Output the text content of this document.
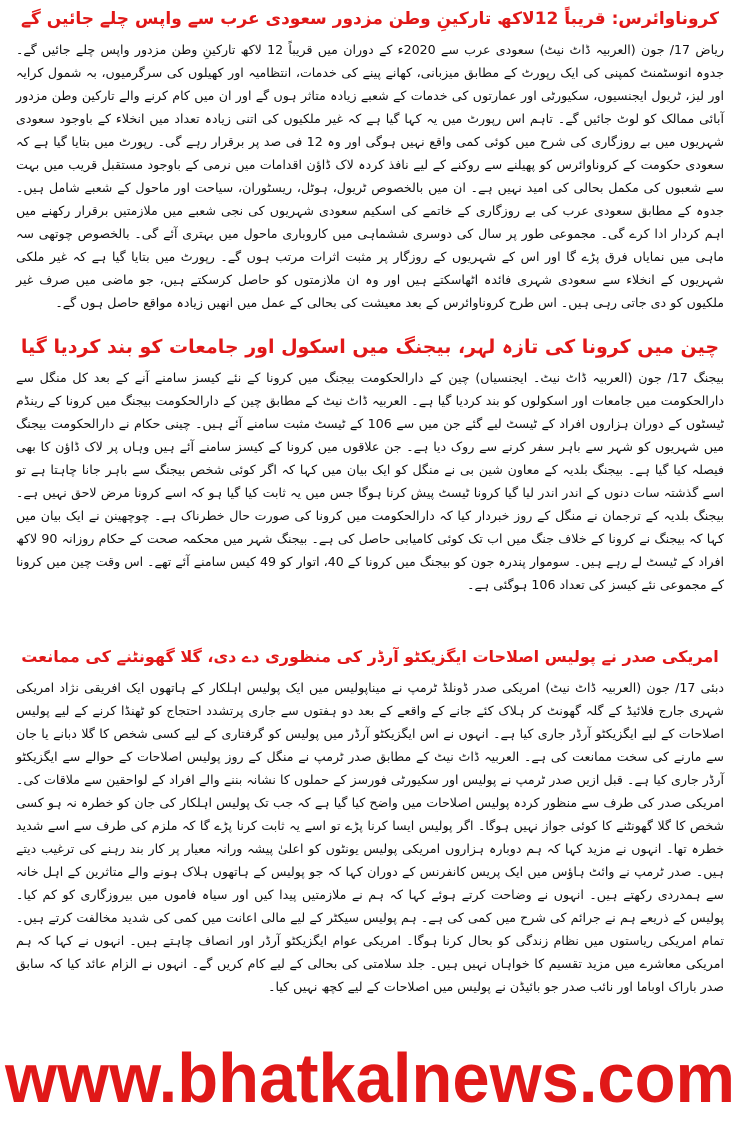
کروناوائرس: قریباً 12لاکھ تارکینِ وطن مزدور سعودی عرب سے واپس چلے جائیں گے

ریاض 17/ جون (العربیہ ڈاٹ نیٹ) سعودی عرب سے 2020ء کے دوران میں قریباً 12 لاکھ تارکینِ وطن مزدور واپس چلے جائیں گے۔ جدوہ انوسٹمنٹ کمپنی کی ایک رپورٹ کے مطابق میزبانی، کھانے پینے کی خدمات، انتظامیہ اور کھیلوں کی سرگرمیوں، بہ شمول کرایہ اور لیز، ٹریول ایجنسیوں، سکیورٹی اور عمارتوں کی خدمات کے شعبے زیادہ متاثر ہوں گے اور ان میں کام کرنے والے تارکین وطن مزدور آبائی ممالک کو لوٹ جائیں گے۔ تاہم اس رپورٹ میں یہ کہا گیا ہے کہ غیر ملکیوں کی اتنی زیادہ تعداد میں انخلاء کے باوجود سعودی شہریوں میں بے روزگاری کی شرح میں کوئی کمی واقع نہیں ہوگی اور وہ 12 فی صد پر برقرار رہے گی۔ رپورٹ میں بتایا گیا ہے کہ سعودی حکومت کے کروناوائرس کو پھیلنے سے روکنے کے لیے نافذ کردہ لاک ڈاؤن اقدامات میں نرمی کے باوجود مستقبل قریب میں بہت سے شعبوں کی مکمل بحالی کی امید نہیں ہے۔ ان میں بالخصوص ٹریول، ہوٹل، ریسٹوران، سیاحت اور ماحول کے شعبے شامل ہیں۔ جدوہ کے مطابق سعودی عرب کی بے روزگاری کے خاتمے کی اسکیم سعودی شہریوں کی نجی شعبے میں ملازمتیں برقرار رکھنے میں اہم کردار ادا کرے گی۔ مجموعی طور پر سال کی دوسری ششماہی میں کاروباری ماحول میں بہتری آئے گی۔ بالخصوص چوتھی سہ ماہی میں نمایاں فرق پڑے گا اور اس کے شہریوں کے روزگار پر مثبت اثرات مرتب ہوں گے۔ رپورٹ میں بتایا گیا ہے کہ غیر ملکی شہریوں کے انخلاء سے سعودی شہری فائدہ اٹھاسکتے ہیں اور وہ ان ملازمتوں کو حاصل کرسکتے ہیں، جو ماضی میں صرف غیر ملکیوں کو دی جاتی رہی ہیں۔ اس طرح کروناوائرس کے بعد معیشت کی بحالی کے عمل میں انھیں زیادہ مواقع حاصل ہوں گے۔

چین میں کرونا کی تازہ لہر، بیجنگ میں اسکول اور جامعات کو بند کردیا گیا

بیجنگ 17/ جون (العربیہ ڈاٹ نیٹ۔ ایجنسیاں) چین کے دارالحکومت بیجنگ میں کرونا کے نئے کیسز سامنے آنے کے بعد کل منگل سے دارالحکومت میں جامعات اور اسکولوں کو بند کردیا گیا ہے۔ العربیہ ڈاٹ نیٹ کے مطابق چین کے دارالحکومت بیجنگ میں کرونا کے رینڈم ٹیسٹوں کے دوران ہزاروں افراد کے ٹیسٹ لیے گئے جن میں سے 106 کے ٹیسٹ مثبت سامنے آئے ہیں۔ چینی حکام نے دارالحکومت بیجنگ میں شہریوں کو شہر سے باہر سفر کرنے سے روک دیا ہے۔ جن علاقوں میں کرونا کے کیسز سامنے آئے ہیں وہاں پر لاک ڈاؤن کا بھی فیصلہ کیا گیا ہے۔ بیجنگ بلدیہ کے معاون شین بی نے منگل کو ایک بیان میں کہا کہ اگر کوئی شخص بیجنگ سے باہر جانا چاہتا ہے تو اسے گذشتہ سات دنوں کے اندر اندر لیا گیا کرونا ٹیسٹ پیش کرنا ہوگا جس میں یہ ثابت کیا گیا ہو کہ اسے کرونا مرض لاحق نہیں ہے۔ بیجنگ بلدیہ کے ترجمان نے منگل کے روز خبردار کیا کہ دارالحکومت میں کرونا کی صورت حال خطرناک ہے۔ چوچھینن نے ایک بیان میں کہا کہ بیجنگ نے کرونا کے خلاف جنگ میں اب تک کوئی کامیابی حاصل کی ہے۔ بیجنگ شہر میں محکمہ صحت کے حکام روزانہ 90 لاکھ افراد کے ٹیسٹ لے رہے ہیں۔ سوموار پندرہ جون کو بیجنگ میں کرونا کے 40، اتوار کو 49 کیس سامنے آئے تھے۔ اس وقت چین میں کرونا کے مجموعی نئے کیسز کی تعداد 106 ہوگئی ہے۔

امریکی صدر نے پولیس اصلاحات ایگزیکٹو آرڈر کی منظوری دے دی، گلا گھونٹنے کی ممانعت

دبئی 17/ جون (العربیہ ڈاٹ نیٹ) امریکی صدر ڈونلڈ ٹرمپ نے میناپولیس میں ایک پولیس اہلکار کے ہاتھوں ایک افریقی نژاد امریکی شہری جارج فلائیڈ کے گلہ گھونٹ کر ہلاک کئے جانے کے واقعے کے بعد دو ہفتوں سے جاری پرتشدد احتجاج کو ٹھنڈا کرنے کے لیے پولیس اصلاحات کے لیے ایگزیکٹو آرڈر جاری کیا ہے۔ انہوں نے اس ایگزیکٹو آرڈر میں پولیس کو گرفتاری کے لیے کسی شخص کا گلا دبانے یا جان سے مارنے کی سخت ممانعت کی ہے۔ العربیہ ڈاٹ نیٹ کے مطابق صدر ٹرمپ نے منگل کے روز پولیس اصلاحات کے حوالے سے ایگزیکٹو آرڈر جاری کیا ہے۔ قبل ازیں صدر ٹرمپ نے پولیس اور سکیورٹی فورسز کے حملوں کا نشانہ بننے والے افراد کے لواحقین سے ملاقات کی۔ امریکی صدر کی طرف سے منظور کردہ پولیس اصلاحات میں واضح کیا گیا ہے کہ جب تک پولیس اہلکار کی جان کو خطرہ نہ ہو کسی شخص کا گلا گھونٹنے کا کوئی جواز نہیں ہوگا۔ اگر پولیس ایسا کرنا پڑے تو اسے یہ ثابت کرنا پڑے گا کہ ملزم کی طرف سے اسے شدید خطرہ تھا۔ انہوں نے مزید کہا کہ ہم دوبارہ ہزاروں امریکی پولیس یونٹوں کو اعلیٰ پیشہ ورانہ معیار پر کار بند رہنے کی ترغیب دیتے ہیں۔ صدر ٹرمپ نے وائٹ ہاؤس میں ایک پریس کانفرنس کے دوران کہا کہ جو پولیس کے ہاتھوں ہلاک ہونے والے متاثرین کے اہل خانہ سے ہمدردی رکھتے ہیں۔ انہوں نے وضاحت کرتے ہوئے کہا کہ ہم نے ملازمتیں پیدا کیں اور سیاہ فاموں میں بیروزگاری کو کم کیا۔ پولیس کے ذریعے ہم نے جرائم کی شرح میں کمی کی ہے۔ ہم پولیس سیکٹر کے لیے مالی اعانت میں کمی کی شدید مخالفت کرتے ہیں۔ تمام امریکی ریاستوں میں نظام زندگی کو بحال کرنا ہوگا۔ امریکی عوام ایگزیکٹو آرڈر اور انصاف چاہتے ہیں۔ انہوں نے کہا کہ ہم امریکی معاشرے میں مزید تقسیم کا خواہاں نہیں ہیں۔ جلد سلامتی کی بحالی کے لیے کام کریں گے۔ انہوں نے الزام عائد کیا کہ سابق صدر باراک اوباما اور نائب صدر جو بائیڈن نے پولیس میں اصلاحات کے لیے کچھ نہیں کیا۔

www.bhatkalnews.com
